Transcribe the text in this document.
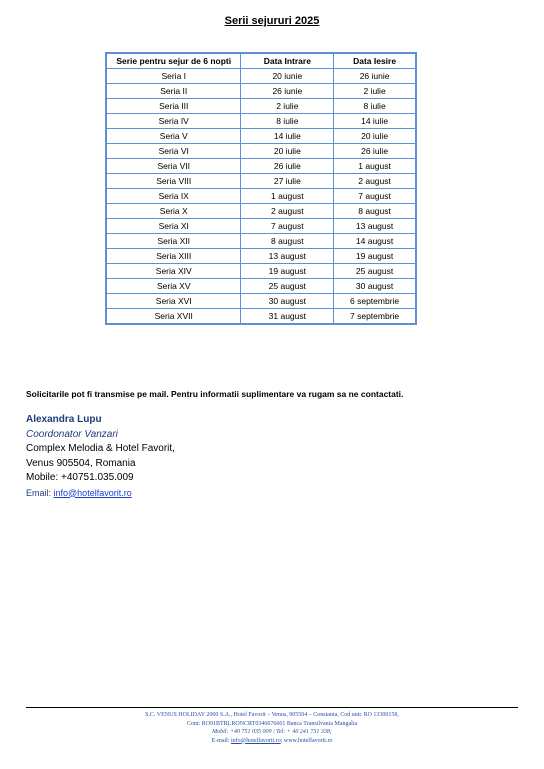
Serii sejururi 2025
Serie pentru sejur de 6 nopti	Data Intrare	Data Iesire
Seria I	20 iunie	26 iunie
Seria II	26 iunie	2 iulie
Seria III	2 iulie	8 iulie
Seria IV	8 iulie	14 iulie
Seria V	14 iulie	20 iulie
Seria VI	20 iulie	26 iulie
Seria VII	26 iulie	1 august
Seria VIII	27 iulie	2 august
Seria IX	1 august	7 august
Seria X	2 august	8 august
Seria XI	7 august	13 august
Seria XII	8 august	14 august
Seria XIII	13 august	19 august
Seria XIV	19 august	25 august
Seria XV	25 august	30 august
Seria XVI	30 august	6 septembrie
Seria XVII	31 august	7 septembrie
Solicitarile pot fi transmise pe mail. Pentru informatii suplimentare va rugam sa ne contactati.
Alexandra Lupu
Coordonator Vanzari
Complex Melodia & Hotel Favorit,
Venus 905504, Romania
Mobile: +40751.035.009
Email: info@hotelfavorit.ro
S.C. VENUS HOLIDAY 2000 S.A., Hotel Favorit – Venus, 905504 – Constanta, Cod unic RO 13300158,
Cont: RO91BTRLRONCRT0346676601 Banca Transilvania Mangalia
Mobil: +40 751 035 009 / Tel: + 40 241 731 338;
E-mail: info@hotelfavorit.ro; www.hotelfavorit.ro
